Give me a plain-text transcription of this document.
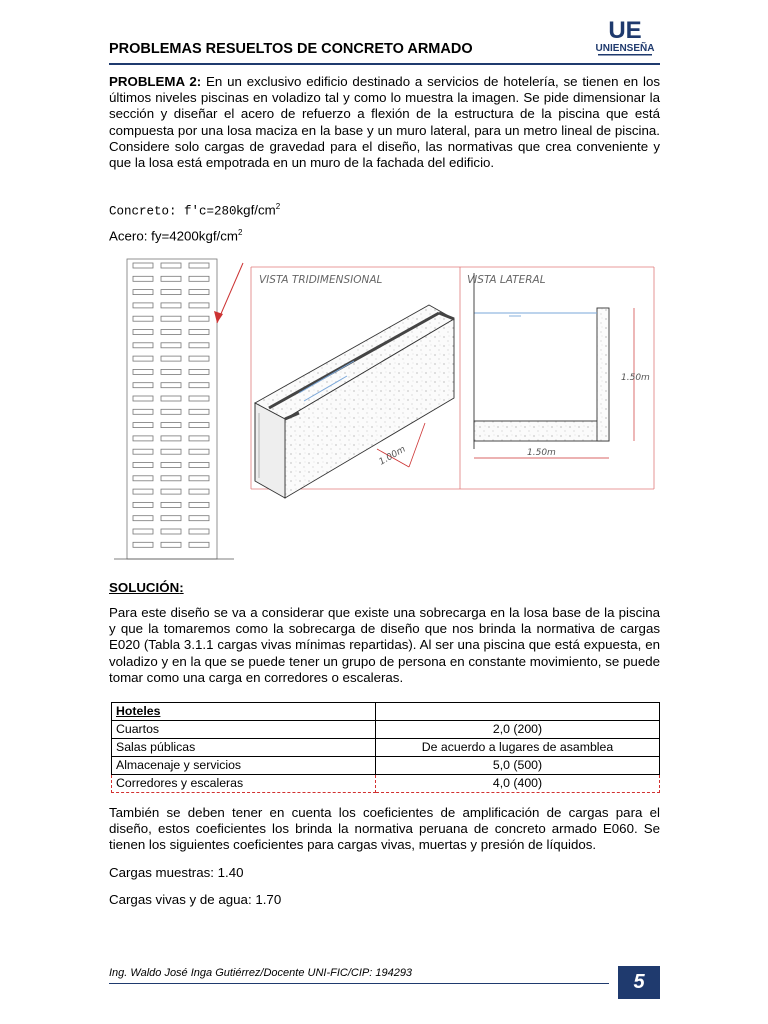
PROBLEMAS RESUELTOS DE CONCRETO ARMADO
UE
UNIENSEÑA
PROBLEMA 2: En un exclusivo edificio destinado a servicios de hotelería, se tienen en los últimos niveles piscinas en voladizo tal y como lo muestra la imagen. Se pide dimensionar la sección y diseñar el acero de refuerzo a flexión de la estructura de la piscina que está compuesta por una losa maciza en la base y un muro lateral, para un metro lineal de piscina. Considere solo cargas de gravedad para el diseño, las normativas que crea conveniente y que la losa está empotrada en un muro de la fachada del edificio.
Concreto: $f'c=280kgf/cm^2$
Acero: $fy=4200kgf/cm^2$
VISTA TRIDIMENSIONAL
1.00m
VISTA LATERAL
1.50m
1.50m
SOLUCIÓN:
Para este diseño se va a considerar que existe una sobrecarga en la losa base de la piscina y que la tomaremos como la sobrecarga de diseño que nos brinda la normativa de cargas E020 (Tabla 3.1.1 cargas vivas mínimas repartidas). Al ser una piscina que está expuesta, en voladizo y en la que se puede tener un grupo de persona en constante movimiento, se puede tomar como una carga en corredores o escaleras.
Hoteles	
Cuartos	2,0 (200)
Salas públicas	De acuerdo a lugares de asamblea
Almacenaje y servicios	5,0 (500)
Corredores y escaleras	4,0 (400)
También se deben tener en cuenta los coeficientes de amplificación de cargas para el diseño, estos coeficientes los brinda la normativa peruana de concreto armado E060. Se tienen los siguientes coeficientes para cargas vivas, muertas y presión de líquidos.
Cargas muestras: 1.40
Cargas vivas y de agua: 1.70
Ing. Waldo José Inga Gutiérrez/Docente UNI-FIC/CIP: 194293	5
